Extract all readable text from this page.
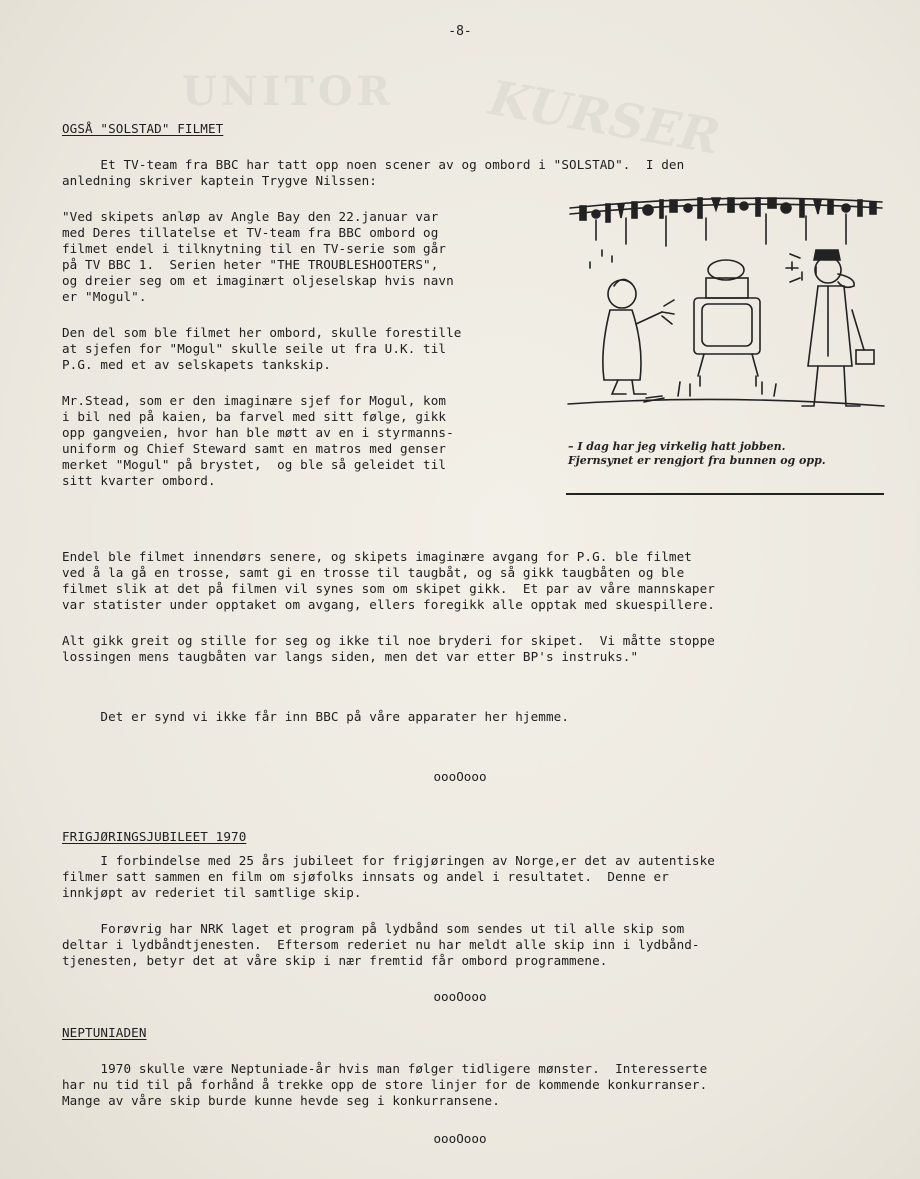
UNITOR KURSER
-8-
OGSÅ "SOLSTAD" FILMET
Et TV-team fra BBC har tatt opp noen scener av og ombord i "SOLSTAD".  I den
anledning skriver kaptein Trygve Nilssen:
"Ved skipets anløp av Angle Bay den 22.januar var
med Deres tillatelse et TV-team fra BBC ombord og
filmet endel i tilknytning til en TV-serie som går
på TV BBC 1.  Serien heter "THE TROUBLESHOOTERS",
og dreier seg om et imaginært oljeselskap hvis navn
er "Mogul".
Den del som ble filmet her ombord, skulle forestille
at sjefen for "Mogul" skulle seile ut fra U.K. til
P.G. med et av selskapets tankskip.
Mr.Stead, som er den imaginære sjef for Mogul, kom
i bil ned på kaien, ba farvel med sitt følge, gikk
opp gangveien, hvor han ble møtt av en i styrmanns-
uniform og Chief Steward samt en matros med genser
merket "Mogul" på brystet,  og ble så geleidet til
sitt kvarter ombord.
– I dag har jeg virkelig hatt jobben.
Fjernsynet er rengjort fra bunnen og opp.
Endel ble filmet innendørs senere, og skipets imaginære avgang for P.G. ble filmet
ved å la gå en trosse, samt gi en trosse til taugbåt, og så gikk taugbåten og ble
filmet slik at det på filmen vil synes som om skipet gikk.  Et par av våre mannskaper
var statister under opptaket om avgang, ellers foregikk alle opptak med skuespillere.
Alt gikk greit og stille for seg og ikke til noe bryderi for skipet.  Vi måtte stoppe
lossingen mens taugbåten var langs siden, men det var etter BP's instruks."
Det er synd vi ikke får inn BBC på våre apparater her hjemme.
oooOooo
FRIGJØRINGSJUBILEET 1970
I forbindelse med 25 års jubileet for frigjøringen av Norge,er det av autentiske
filmer satt sammen en film om sjøfolks innsats og andel i resultatet.  Denne er
innkjøpt av rederiet til samtlige skip.
Forøvrig har NRK laget et program på lydbånd som sendes ut til alle skip som
deltar i lydbåndtjenesten.  Eftersom rederiet nu har meldt alle skip inn i lydbånd-
tjenesten, betyr det at våre skip i nær fremtid får ombord programmene.
oooOooo
NEPTUNIADEN
1970 skulle være Neptuniade-år hvis man følger tidligere mønster.  Interesserte
har nu tid til på forhånd å trekke opp de store linjer for de kommende konkurranser.
Mange av våre skip burde kunne hevde seg i konkurransene.
oooOooo
